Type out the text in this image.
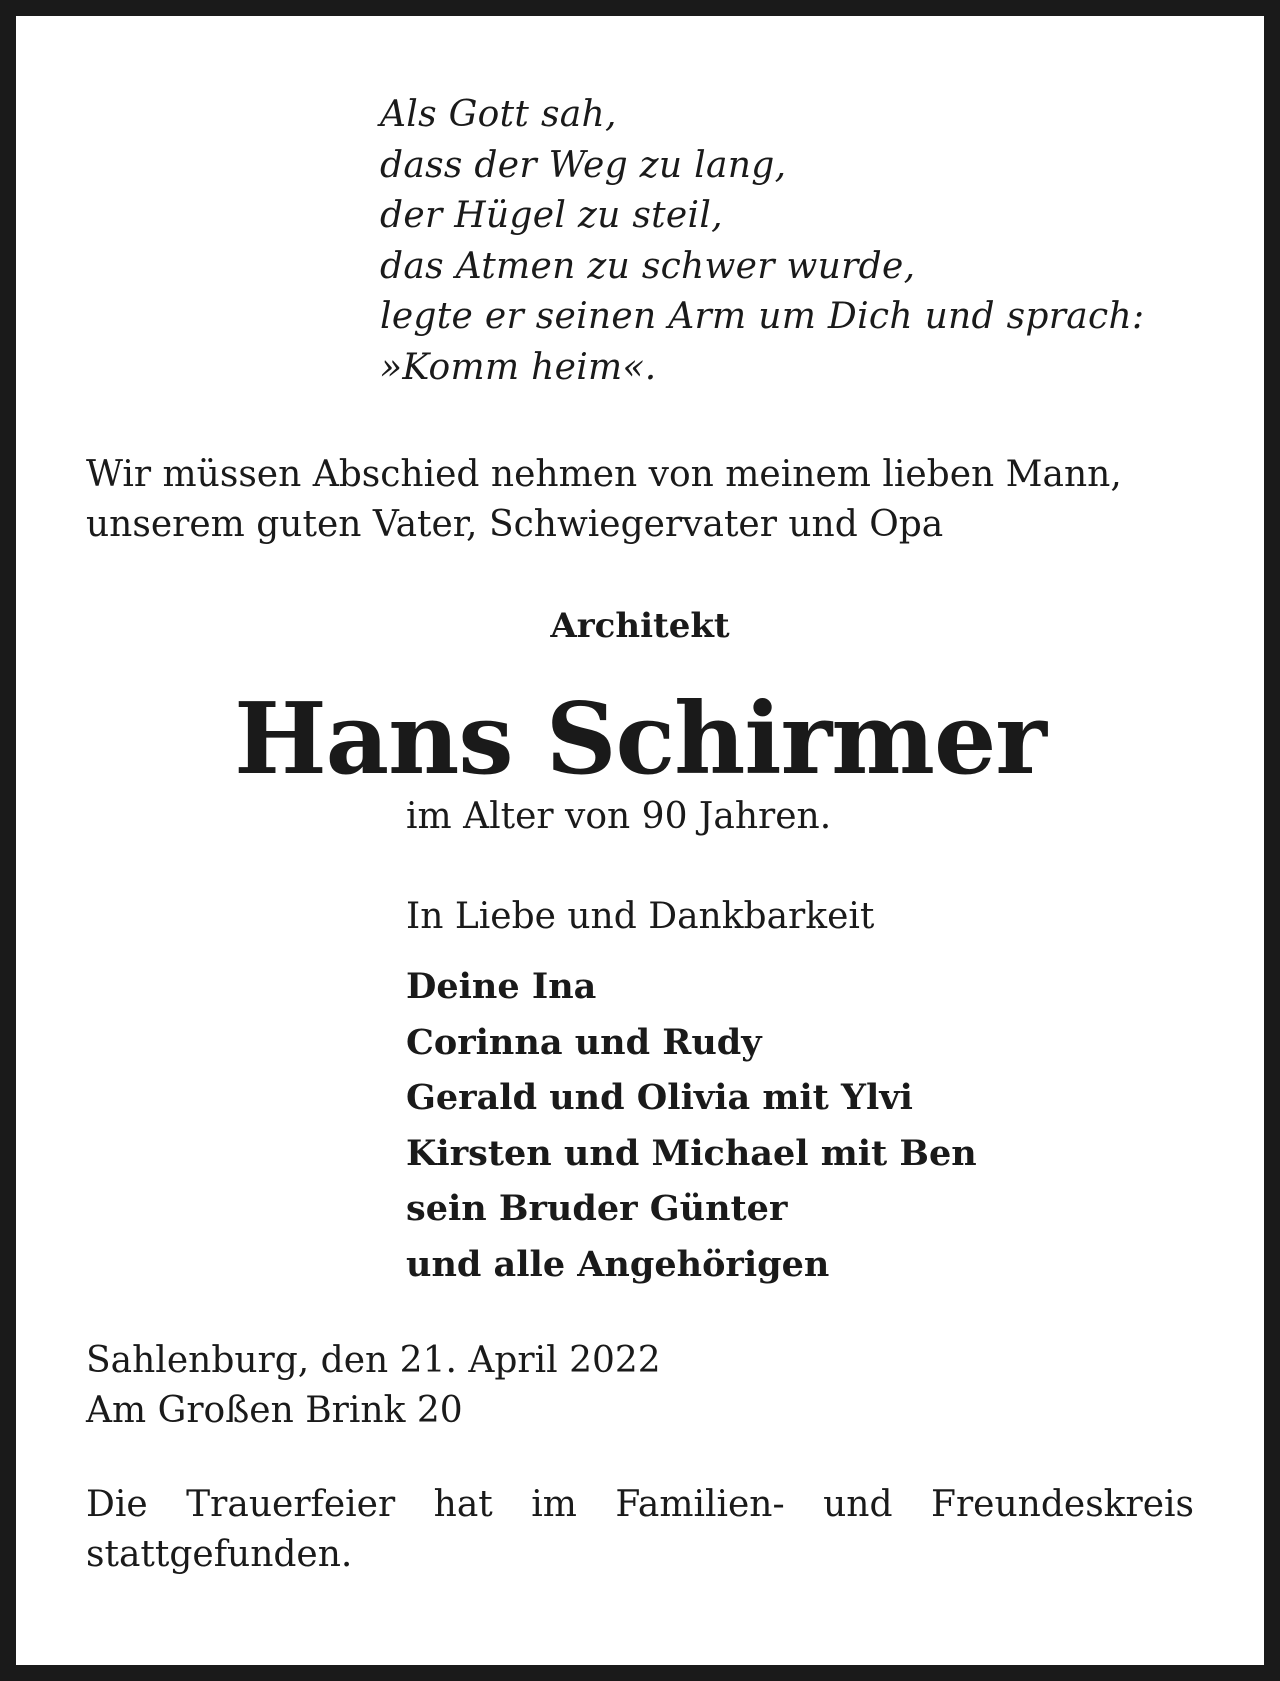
Als Gott sah,
dass der Weg zu lang,
der Hügel zu steil,
das Atmen zu schwer wurde,
legte er seinen Arm um Dich und sprach:
»Komm heim«.
Wir müssen Abschied nehmen von meinem lieben Mann,
unserem guten Vater, Schwiegervater und Opa
Architekt
Hans Schirmer
im Alter von 90 Jahren.
In Liebe und Dankbarkeit
Deine Ina
Corinna und Rudy
Gerald und Olivia mit Ylvi
Kirsten und Michael mit Ben
sein Bruder Günter
und alle Angehörigen
Sahlenburg, den 21. April 2022
Am Großen Brink 20
Die Trauerfeier hat im Familien- und Freundeskreis
stattgefunden.
